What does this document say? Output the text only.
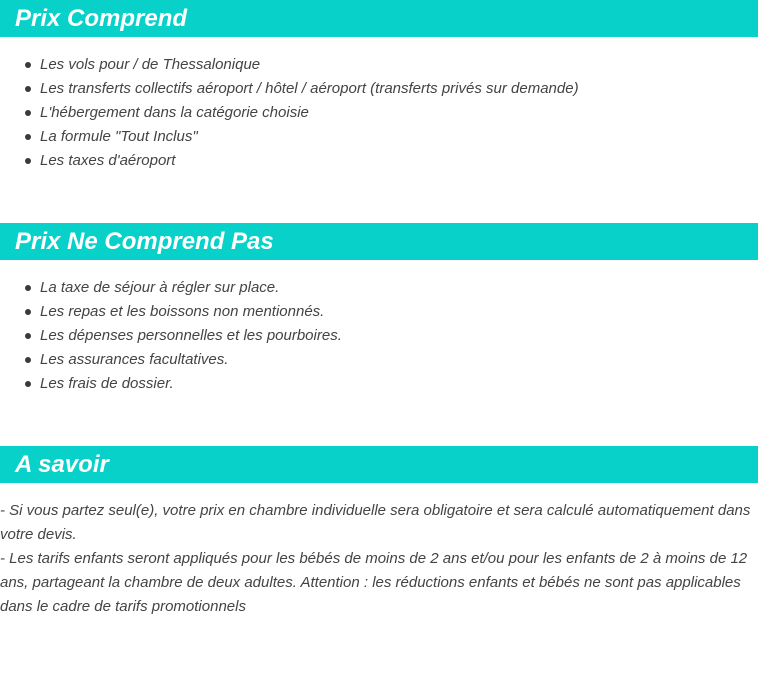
Prix Comprend
Les vols pour / de Thessalonique
Les transferts collectifs aéroport / hôtel / aéroport (transferts privés sur demande)
L'hébergement dans la catégorie choisie
La formule "Tout Inclus"
Les taxes d'aéroport
Prix Ne Comprend Pas
La taxe de séjour à régler sur place.
Les repas et les boissons non mentionnés.
Les dépenses personnelles et les pourboires.
Les assurances facultatives.
Les frais de dossier.
A savoir
- Si vous partez seul(e), votre prix en chambre individuelle sera obligatoire et sera calculé automatiquement dans votre devis.
- Les tarifs enfants seront appliqués pour les bébés de moins de 2 ans et/ou pour les enfants de 2 à moins de 12 ans, partageant la chambre de deux adultes. Attention : les réductions enfants et bébés ne sont pas applicables dans le cadre de tarifs promotionnels
